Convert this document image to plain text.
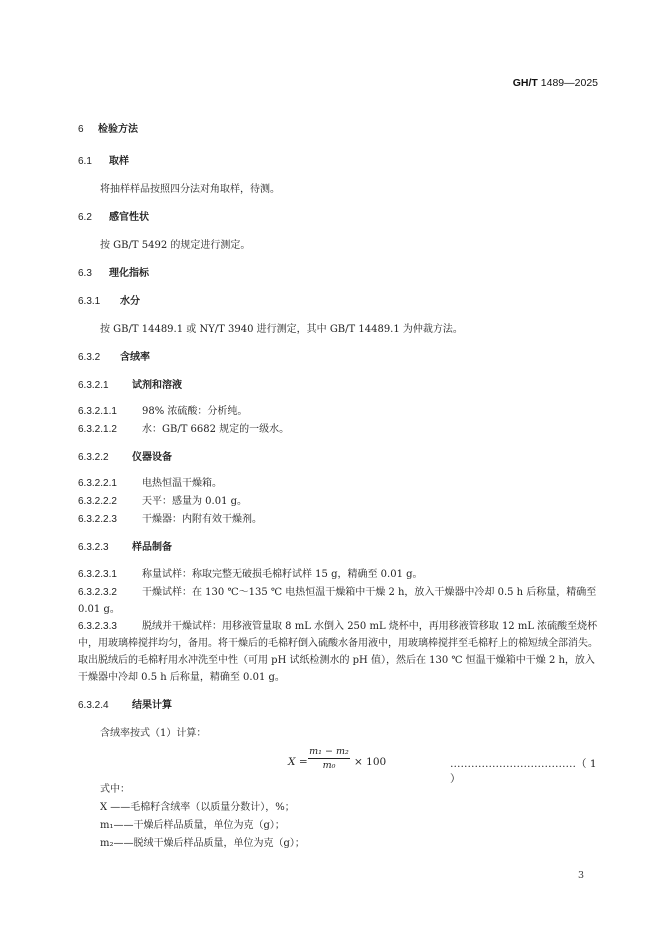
GH/T 1489—2025
6 检验方法
6.1 取样
将抽样样品按照四分法对角取样，待测。
6.2 感官性状
按 GB/T 5492 的规定进行测定。
6.3 理化指标
6.3.1 水分
按 GB/T 14489.1 或 NY/T 3940 进行测定，其中 GB/T 14489.1 为仲裁方法。
6.3.2 含绒率
6.3.2.1 试剂和溶液
6.3.2.1.1	98% 浓硫酸：分析纯。
6.3.2.1.2	水：GB/T 6682 规定的一级水。
6.3.2.2 仪器设备
6.3.2.2.1	电热恒温干燥箱。
6.3.2.2.2	天平：感量为 0.01 g。
6.3.2.2.3	干燥器：内附有效干燥剂。
6.3.2.3 样品制备
6.3.2.3.1	称量试样：称取完整无破损毛棉籽试样 15 g，精确至 0.01 g。
6.3.2.3.2	干燥试样：在 130 ℃～135 ℃ 电热恒温干燥箱中干燥 2 h，放入干燥器中冷却 0.5 h 后称量，精确至 0.01 g。
6.3.2.3.3	脱绒并干燥试样：用移液管量取 8 mL 水倒入 250 mL 烧杯中，再用移液管移取 12 mL 浓硫酸至烧杯中，用玻璃棒搅拌均匀，备用。将干燥后的毛棉籽倒入硫酸水备用液中，用玻璃棒搅拌至毛棉籽上的棉短绒全部消失。取出脱绒后的毛棉籽用水冲洗至中性（可用 pH 试纸检测水的 pH 值），然后在 130 ℃ 恒温干燥箱中干燥 2 h，放入干燥器中冷却 0.5 h 后称量，精确至 0.01 g。
6.3.2.4 结果计算
含绒率按式（1）计算：
$X = \frac{\text{m₁ − m₂}}{\text{m₀}} \times 100$	………………………………（ 1 ）
式中：
X ——毛棉籽含绒率（以质量分数计），%；
m₁——干燥后样品质量，单位为克（g）；
m₂——脱绒干燥后样品质量，单位为克（g）；
3
